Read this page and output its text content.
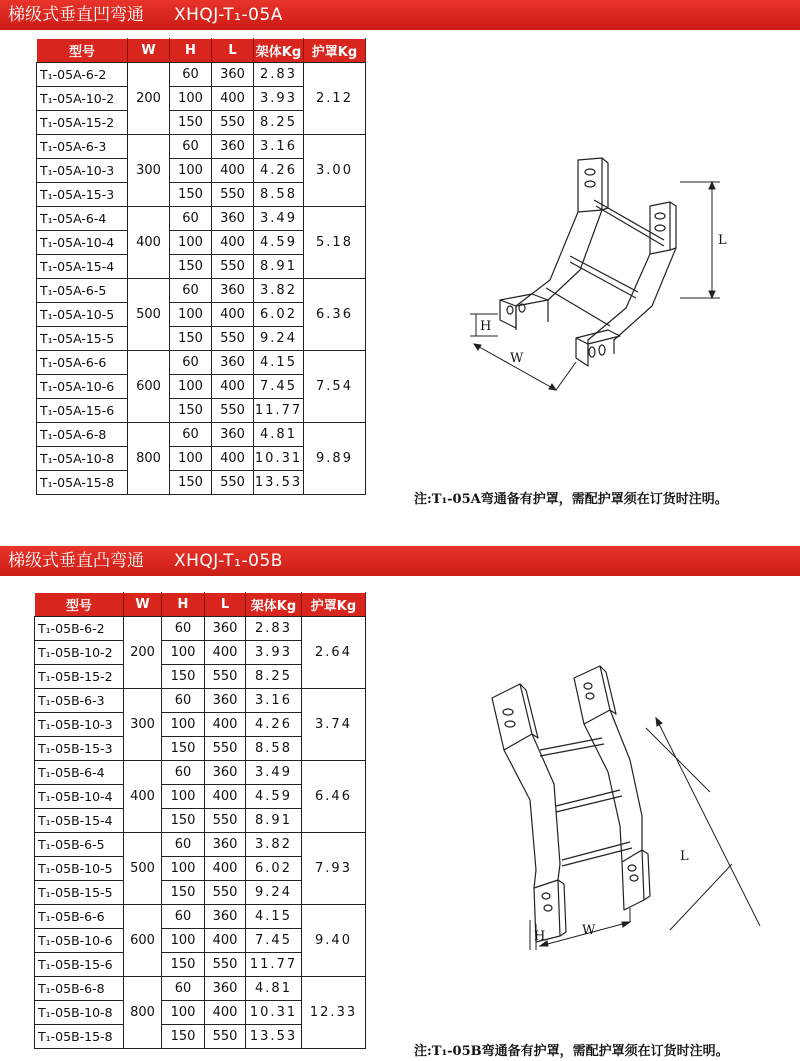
梯级式垂直凹弯通 XHQJ-T₁-05A
型号	W	H	L	架体Kg	护罩Kg
T₁-05A-6-2	200	60	360	2.83	2.12
T₁-05A-10-2		100	400	3.93	
T₁-05A-15-2		150	550	8.25	
T₁-05A-6-3	300	60	360	3.16	3.00
T₁-05A-10-3		100	400	4.26	
T₁-05A-15-3		150	550	8.58	
T₁-05A-6-4	400	60	360	3.49	5.18
T₁-05A-10-4		100	400	4.59	
T₁-05A-15-4		150	550	8.91	
T₁-05A-6-5	500	60	360	3.82	6.36
T₁-05A-10-5		100	400	6.02	
T₁-05A-15-5		150	550	9.24	
T₁-05A-6-6	600	60	360	4.15	7.54
T₁-05A-10-6		100	400	7.45	
T₁-05A-15-6		150	550	11.77	
T₁-05A-6-8	800	60	360	4.81	9.89
T₁-05A-10-8		100	400	10.31	
T₁-05A-15-8		150	550	13.53	
L
H
W
注:T₁-05A弯通备有护罩，需配护罩须在订货时注明。
梯级式垂直凸弯通 XHQJ-T₁-05B
型号	W	H	L	架体Kg	护罩Kg
T₁-05B-6-2	200	60	360	2.83	2.64
T₁-05B-10-2		100	400	3.93	
T₁-05B-15-2		150	550	8.25	
T₁-05B-6-3	300	60	360	3.16	3.74
T₁-05B-10-3		100	400	4.26	
T₁-05B-15-3		150	550	8.58	
T₁-05B-6-4	400	60	360	3.49	6.46
T₁-05B-10-4		100	400	4.59	
T₁-05B-15-4		150	550	8.91	
T₁-05B-6-5	500	60	360	3.82	7.93
T₁-05B-10-5		100	400	6.02	
T₁-05B-15-5		150	550	9.24	
T₁-05B-6-6	600	60	360	4.15	9.40
T₁-05B-10-6		100	400	7.45	
T₁-05B-15-6		150	550	11.77	
T₁-05B-6-8	800	60	360	4.81	12.33
T₁-05B-10-8		100	400	10.31	
T₁-05B-15-8		150	550	13.53	
L
H	W
注:T₁-05B弯通备有护罩，需配护罩须在订货时注明。
